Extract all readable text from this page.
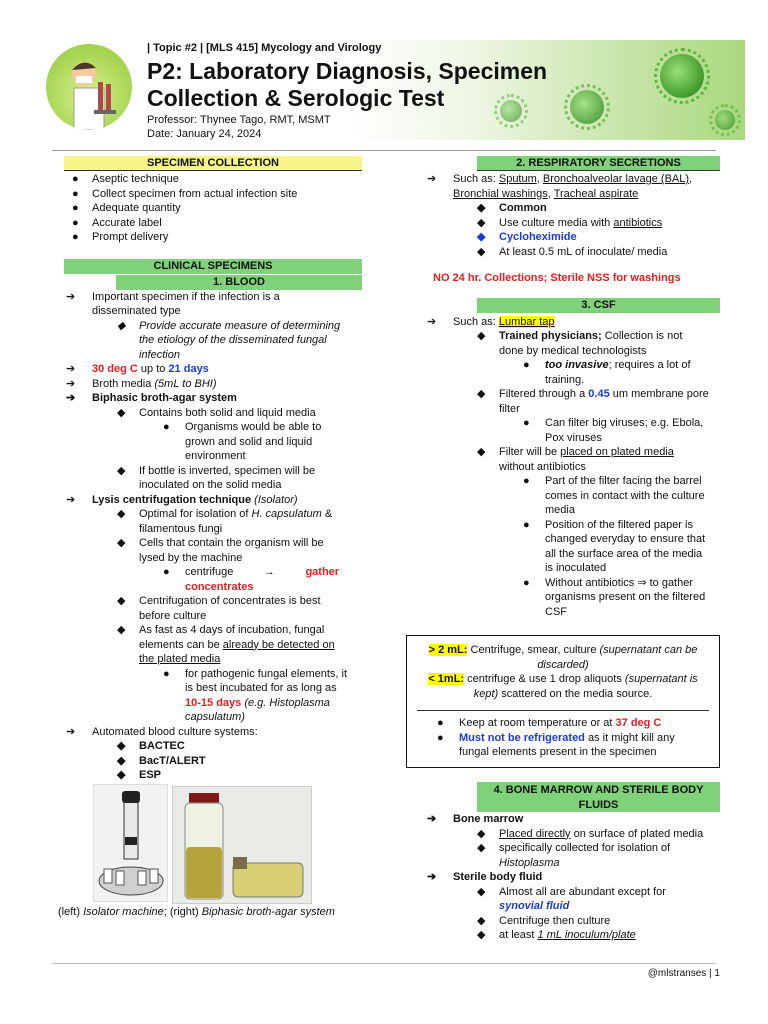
| Topic #2 | [MLS 415] Mycology and Virology
P2: Laboratory Diagnosis, Specimen
Collection & Serologic Test
Professor: Thynee Tago, RMT, MSMT
Date: January 24, 2024
SPECIMEN COLLECTION
● Aseptic technique
● Collect specimen from actual infection site
● Adequate quantity
● Accurate label
● Prompt delivery
CLINICAL SPECIMENS
1. BLOOD
➔ Important specimen if the infection is a
disseminated type
◆ Provide accurate measure of determining
the etiology of the disseminated fungal
infection
➔ 30 deg C up to 21 days
➔ Broth media (5mL to BHI)
➔ Biphasic broth-agar system
◆ Contains both solid and liquid media
● Organisms would be able to
grown and solid and liquid
environment
◆ If bottle is inverted, specimen will be
inoculated on the solid media
➔ Lysis centrifugation technique (Isolator)
◆ Optimal for isolation of H. capsulatum &
filamentous fungi
◆ Cells that contain the organism will be
lysed by the machine
● centrifuge          →          gather
concentrates
◆ Centrifugation of concentrates is best
before culture
◆ As fast as 4 days of incubation, fungal
elements can be already be detected on
the plated media
● for pathogenic fungal elements, it
is best incubated for as long as
10-15 days (e.g. Histoplasma
capsulatum)
➔ Automated blood culture systems:
◆ BACTEC
◆ BacT/ALERT
◆ ESP
(left) Isolator machine; (right) Biphasic broth-agar system
2. RESPIRATORY SECRETIONS
➔ Such as: Sputum, Bronchoalveolar lavage (BAL),
Bronchial washings, Tracheal aspirate
◆ Common
◆ Use culture media with antibiotics
◆ Cycloheximide
◆ At least 0.5 mL of inoculate/ media
NO 24 hr. Collections; Sterile NSS for washings
3. CSF
➔ Such as: Lumbar tap
◆ Trained physicians; Collection is not
done by medical technologists
● too invasive; requires a lot of
training.
◆ Filtered through a 0.45 um membrane pore
filter
● Can filter big viruses; e.g. Ebola,
Pox viruses
◆ Filter will be placed on plated media
without antibiotics
● Part of the filter facing the barrel
comes in contact with the culture
media
● Position of the filtered paper is
changed everyday to ensure that
all the surface area of the media
is inoculated
● Without antibiotics ⇒ to gather
organisms present on the filtered
CSF
> 2 mL: Centrifuge, smear, culture (supernatant can be
discarded)
< 1mL: centrifuge & use 1 drop aliquots (supernatant is
kept) scattered on the media source.
● Keep at room temperature or at 37 deg C
● Must not be refrigerated as it might kill any
fungal elements present in the specimen
4. BONE MARROW AND STERILE BODY
FLUIDS
➔ Bone marrow
◆ Placed directly on surface of plated media
◆ specifically collected for isolation of
Histoplasma
➔ Sterile body fluid
◆ Almost all are abundant except for
synovial fluid
◆ Centrifuge then culture
◆ at least 1 mL inoculum/plate
@mlstranses | 1
